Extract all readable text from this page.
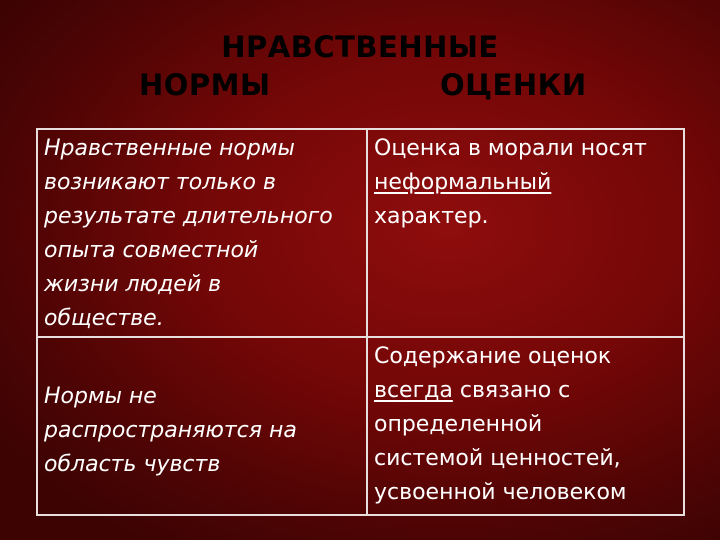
НРАВСТВЕННЫЕ
НОРМЫ	ОЦЕНКИ
Нравственные нормы
возникают только в
результате длительного
опыта совместной
жизни людей в
обществе.
Оценка в морали носят
неформальный
характер.
Нормы не
распространяются на
область чувств
Содержание оценок
всегда связано с
определенной
системой ценностей,
усвоенной человеком
